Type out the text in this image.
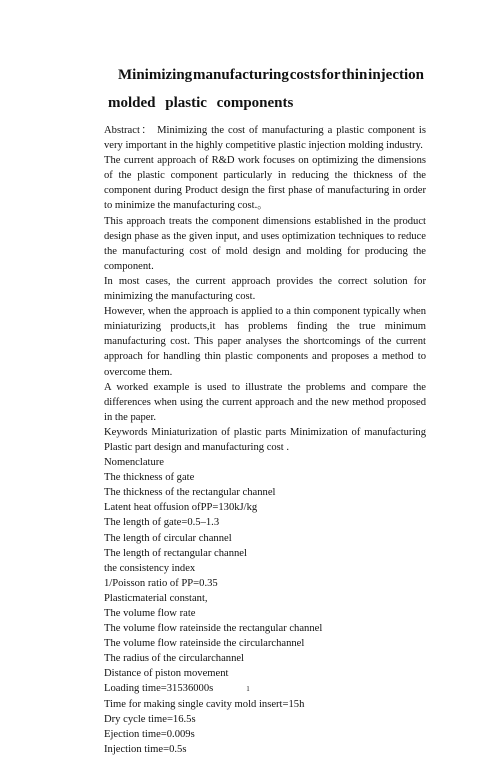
Minimizing manufacturing costs for thin injection
molded plastic components

Abstract： Minimizing the cost of manufacturing a plastic component is very important in the highly competitive plastic injection molding industry.

The current approach of R&D work focuses on optimizing the dimensions of the plastic component particularly in reducing the thickness of the component during Product design the first phase of manufacturing in order to minimize the manufacturing cost.。

This approach treats the component dimensions established in the product design phase as the given input, and uses optimization techniques to reduce the manufacturing cost of mold design and molding for producing the component.

In most cases, the current approach provides the correct solution for minimizing the manufacturing cost.

However, when the approach is applied to a thin component typically when miniaturizing products,it has problems finding the true minimum manufacturing cost. This paper analyses the shortcomings of the current approach for handling thin plastic components and proposes a method to overcome them.

A worked example is used to illustrate the problems and compare the differences when using the current approach and the new method proposed in the paper.

Keywords Miniaturization of plastic parts Minimization of manufacturing Plastic part design and manufacturing cost .

Nomenclature

The thickness of gate

The thickness of the rectangular channel

Latent heat offusion ofPP=130kJ/kg

The length of gate=0.5–1.3

The length of circular channel

The length of rectangular channel

the consistency index

1/Poisson ratio of PP=0.35

Plasticmaterial constant,

The volume flow rate

The volume flow rateinside the rectangular channel

The volume flow rateinside the circularchannel

The radius of the circularchannel

Distance of piston movement

Loading time=31536000s

Time for making single cavity mold insert=15h

Dry cycle time=16.5s

Ejection time=0.009s

Injection time=0.5s

1
